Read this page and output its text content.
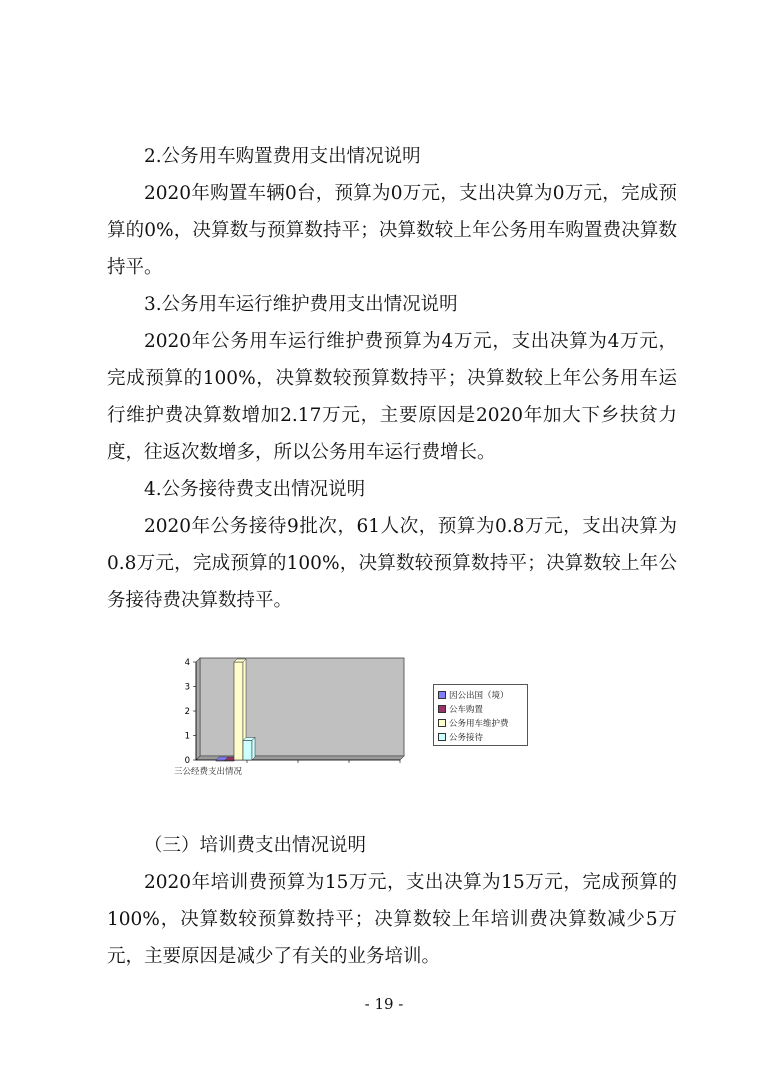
2.公务用车购置费用支出情况说明

2020年购置车辆0台，预算为0万元，支出决算为0万元，完成预算的0%，决算数与预算数持平；决算数较上年公务用车购置费决算数持平。

3.公务用车运行维护费用支出情况说明

2020年公务用车运行维护费预算为4万元，支出决算为4万元，完成预算的100%，决算数较预算数持平；决算数较上年公务用车运行维护费决算数增加2.17万元，主要原因是2020年加大下乡扶贫力度，往返次数增多，所以公务用车运行费增长。

4.公务接待费支出情况说明

2020年公务接待9批次，61人次，预算为0.8万元，支出决算为0.8万元，完成预算的100%，决算数较预算数持平；决算数较上年公务接待费决算数持平。

0
1
2
3
4
三公经费支出情况
因公出国（境）
公车购置
公务用车维护费
公务接待

（三）培训费支出情况说明

2020年培训费预算为15万元，支出决算为15万元，完成预算的100%，决算数较预算数持平；决算数较上年培训费决算数减少5万元，主要原因是减少了有关的业务培训。

- 19 -
